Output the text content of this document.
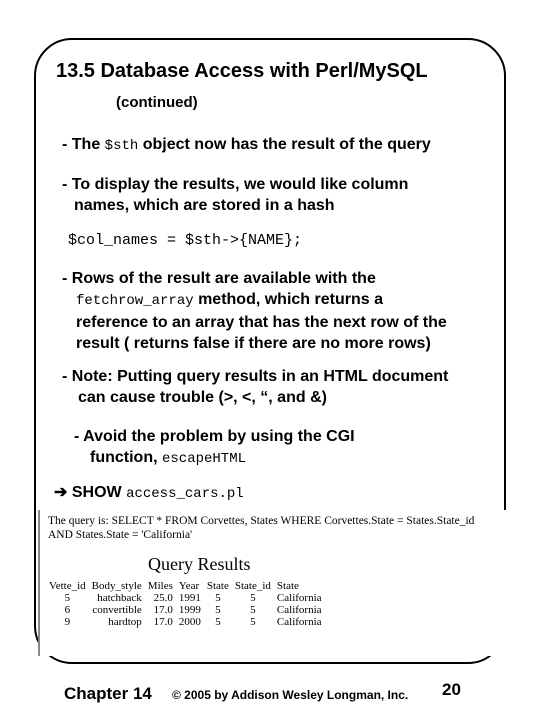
13.5 Database Access with Perl/MySQL
(continued)
- The $sth object now has the result of the query
- To display the results, we would like column
names, which are stored in a hash
$col_names = $sth->{NAME};
- Rows of the result are available with the
fetchrow_array method, which returns a
reference to an array that has the next row of the
result ( returns false if there are no more rows)
- Note: Putting query results in an HTML document
can cause trouble (>, <, “, and &)
- Avoid the problem by using the CGI
function, escapeHTML
➔ SHOW access_cars.pl
The query is: SELECT * FROM Corvettes, States WHERE Corvettes.State = States.State_id
AND States.State = 'California'
Query Results
Vette_id	Body_style	Miles	Year	State	State_id	State
5	hatchback	25.0	1991	5	5	California
6	convertible	17.0	1999	5	5	California
9	hardtop	17.0	2000	5	5	California
Chapter 14 © 2005 by Addison Wesley Longman, Inc. 20
